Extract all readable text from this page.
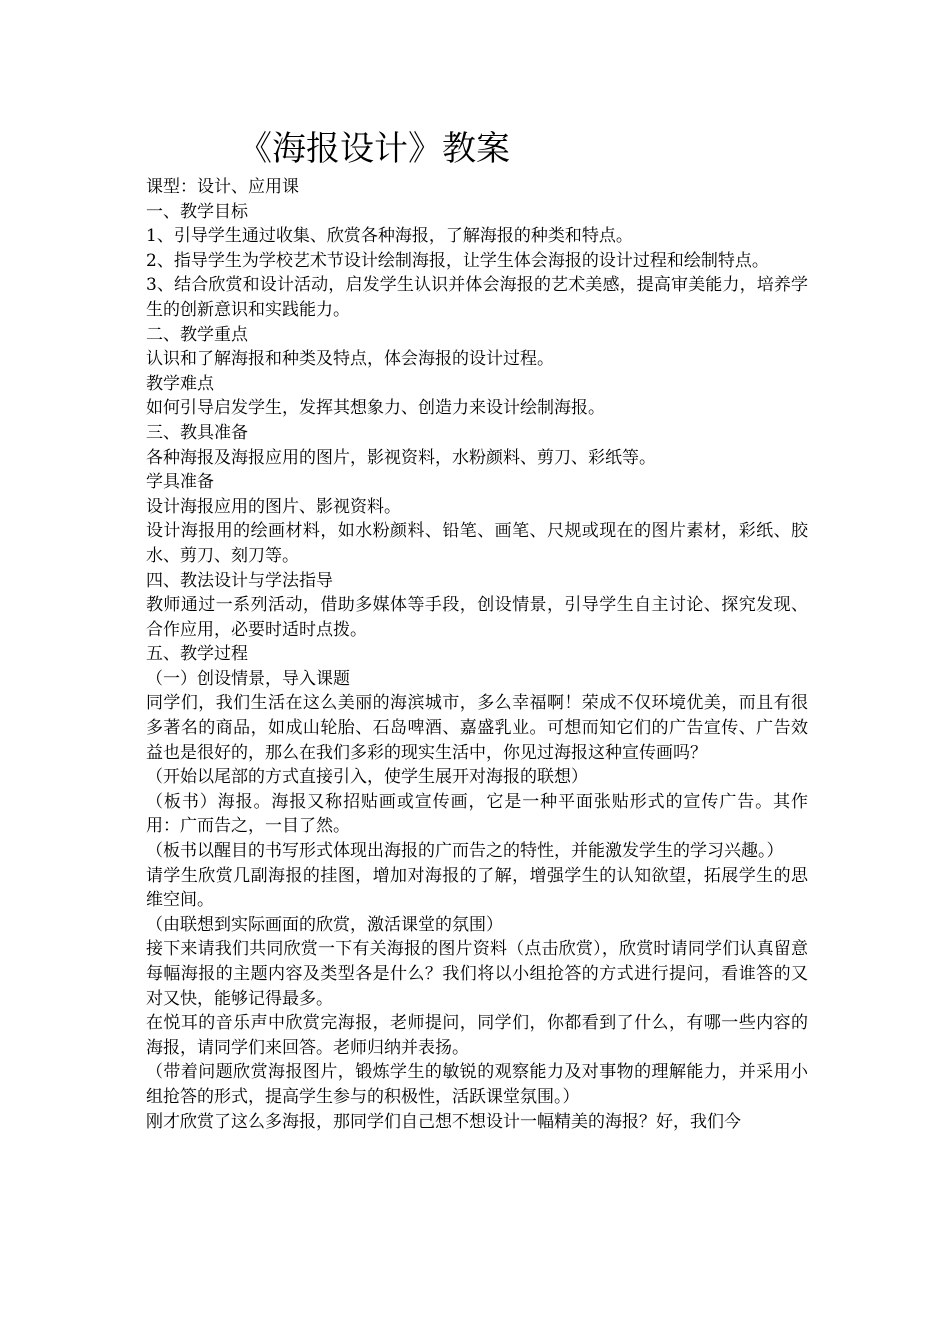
《海报设计》教案

课型：设计、应用课

一、教学目标

1、引导学生通过收集、欣赏各种海报，了解海报的种类和特点。

2、指导学生为学校艺术节设计绘制海报，让学生体会海报的设计过程和绘制特点。

3、结合欣赏和设计活动，启发学生认识并体会海报的艺术美感，提高审美能力，培养学生的创新意识和实践能力。

二、教学重点

认识和了解海报和种类及特点，体会海报的设计过程。

教学难点

如何引导启发学生，发挥其想象力、创造力来设计绘制海报。

三、教具准备

各种海报及海报应用的图片，影视资料，水粉颜料、剪刀、彩纸等。

学具准备

设计海报应用的图片、影视资料。

设计海报用的绘画材料，如水粉颜料、铅笔、画笔、尺规或现在的图片素材，彩纸、胶水、剪刀、刻刀等。

四、教法设计与学法指导

教师通过一系列活动，借助多媒体等手段，创设情景，引导学生自主讨论、探究发现、合作应用，必要时适时点拨。

五、教学过程

（一）创设情景，导入课题

同学们，我们生活在这么美丽的海滨城市，多么幸福啊！荣成不仅环境优美，而且有很多著名的商品，如成山轮胎、石岛啤酒、嘉盛乳业。可想而知它们的广告宣传、广告效益也是很好的，那么在我们多彩的现实生活中，你见过海报这种宣传画吗？

（开始以尾部的方式直接引入，使学生展开对海报的联想）

（板书）海报。海报又称招贴画或宣传画，它是一种平面张贴形式的宣传广告。其作用：广而告之，一目了然。

（板书以醒目的书写形式体现出海报的广而告之的特性，并能激发学生的学习兴趣。）

请学生欣赏几副海报的挂图，增加对海报的了解，增强学生的认知欲望，拓展学生的思维空间。

（由联想到实际画面的欣赏，激活课堂的氛围）

接下来请我们共同欣赏一下有关海报的图片资料（点击欣赏），欣赏时请同学们认真留意每幅海报的主题内容及类型各是什么？我们将以小组抢答的方式进行提问，看谁答的又对又快，能够记得最多。

在悦耳的音乐声中欣赏完海报，老师提问，同学们，你都看到了什么，有哪一些内容的海报，请同学们来回答。老师归纳并表扬。

（带着问题欣赏海报图片，锻炼学生的敏锐的观察能力及对事物的理解能力，并采用小组抢答的形式，提高学生参与的积极性，活跃课堂氛围。）

刚才欣赏了这么多海报，那同学们自己想不想设计一幅精美的海报？好，我们今
